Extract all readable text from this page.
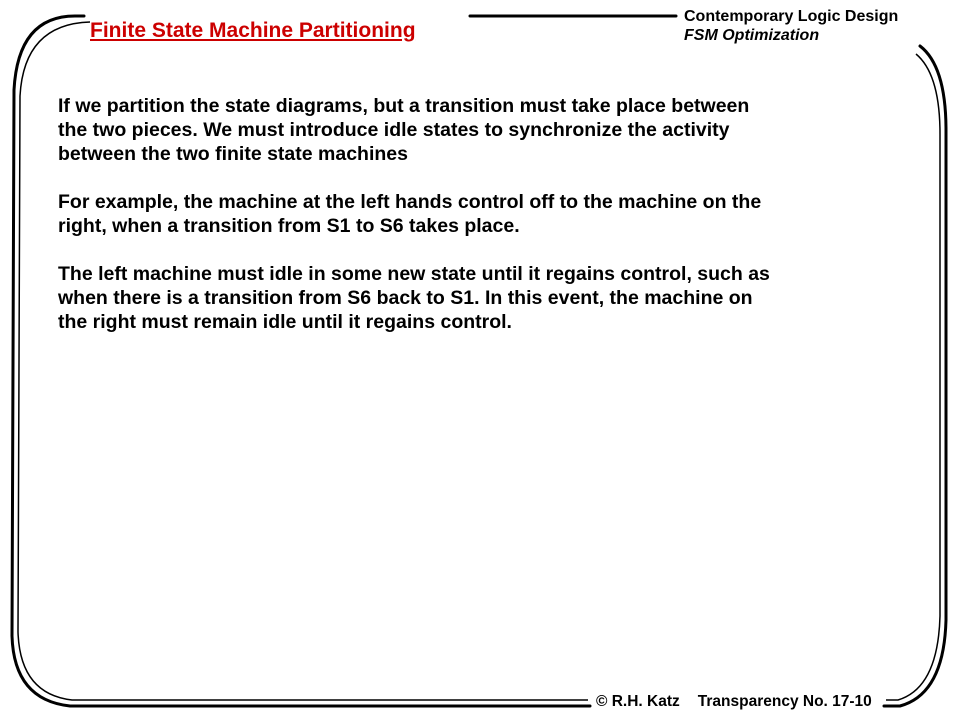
Finite State Machine Partitioning
Contemporary Logic Design
FSM Optimization

If we partition the state diagrams, but a transition must take place between
the two pieces. We must introduce idle states to synchronize the activity
between the two finite state machines

For example, the machine at the left hands control off to the machine on the
right, when a transition from S1 to S6 takes place.

The left machine must idle in some new state until it regains control, such as
when there is a transition from S6 back to S1. In this event, the machine on
the right must remain idle until it regains control.

© R.H. Katz Transparency No. 17-10
